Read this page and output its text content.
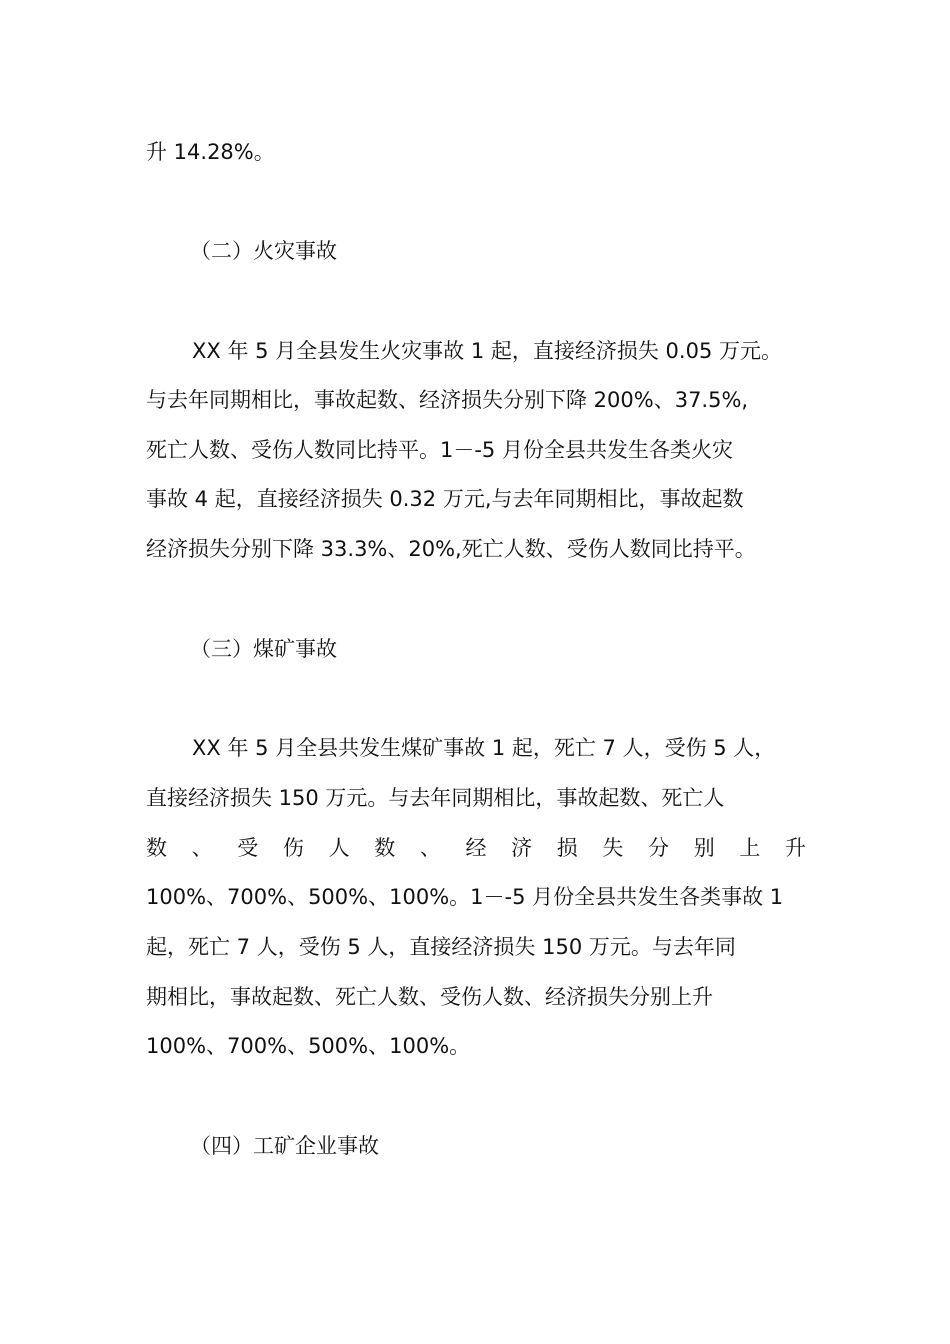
升 14.28%。
（二）火灾事故
XX 年 5 月全县发生火灾事故 1 起，直接经济损失 0.05 万元。
与去年同期相比，事故起数、经济损失分别下降 200%、37.5%,
死亡人数、受伤人数同比持平。1－-5 月份全县共发生各类火灾
事故 4 起，直接经济损失 0.32 万元,与去年同期相比，事故起数
经济损失分别下降 33.3%、20%,死亡人数、受伤人数同比持平。
（三）煤矿事故
XX 年 5 月全县共发生煤矿事故 1 起，死亡 7 人，受伤 5 人，
直接经济损失 150 万元。与去年同期相比，事故起数、死亡人
数 、 受 伤 人 数 、 经 济 损 失 分 别 上 升
100%、700%、500%、100%。1－-5 月份全县共发生各类事故 1
起，死亡 7 人，受伤 5 人，直接经济损失 150 万元。与去年同
期相比，事故起数、死亡人数、受伤人数、经济损失分别上升
100%、700%、500%、100%。
（四）工矿企业事故
